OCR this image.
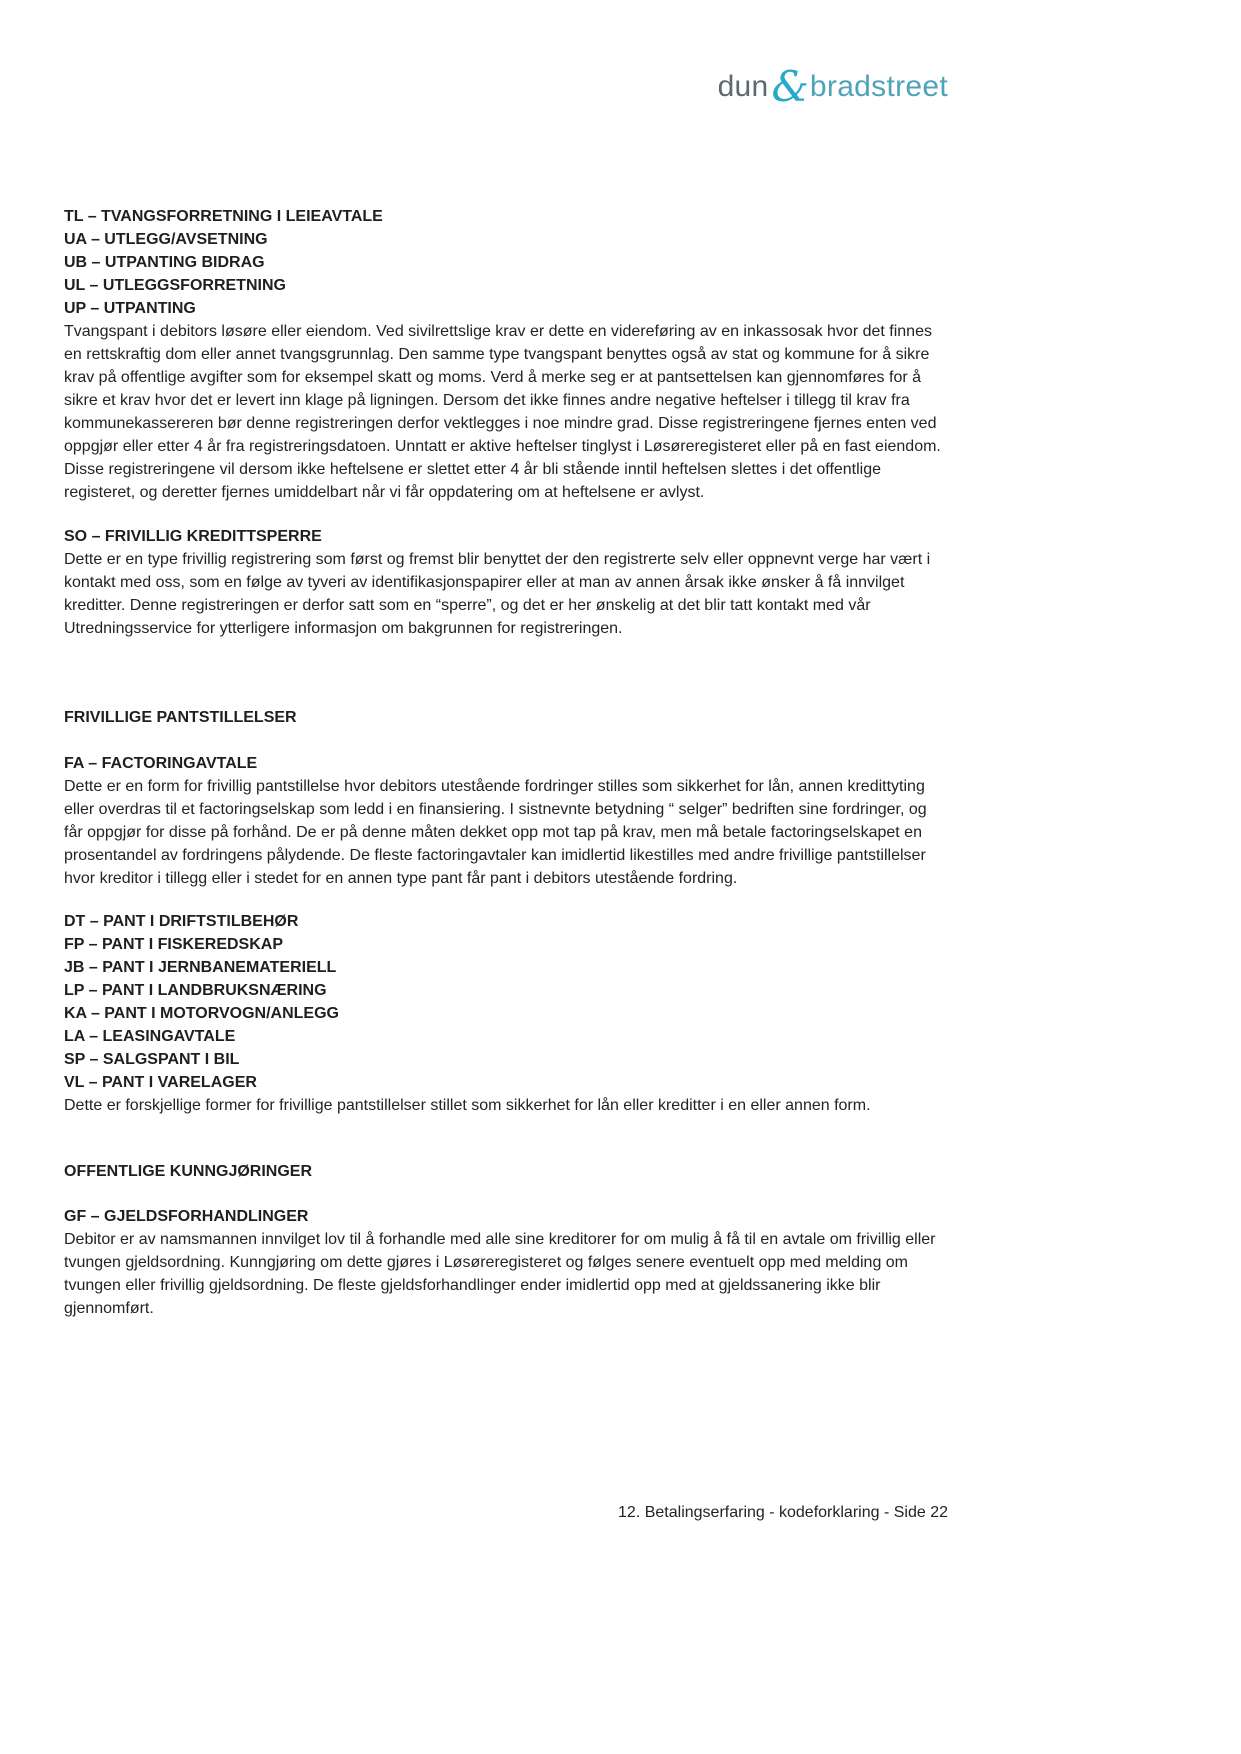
dun&bradstreet
TL – TVANGSFORRETNING I LEIEAVTALE
UA – UTLEGG/AVSETNING
UB – UTPANTING BIDRAG
UL – UTLEGGSFORRETNING
UP – UTPANTING

Tvangspant i debitors løsøre eller eiendom. Ved sivilrettslige krav er dette en videreføring av en inkassosak hvor det finnes en rettskraftig dom eller annet tvangsgrunnlag. Den samme type tvangspant benyttes også av stat og kommune for å sikre krav på offentlige avgifter som for eksempel skatt og moms. Verd å merke seg er at pantsettelsen kan gjennomføres for å sikre et krav hvor det er levert inn klage på ligningen. Dersom det ikke finnes andre negative heftelser i tillegg til krav fra kommunekassereren bør denne registreringen derfor vektlegges i noe mindre grad. Disse registreringene fjernes enten ved oppgjør eller etter 4 år fra registreringsdatoen. Unntatt er aktive heftelser tinglyst i Løsøreregisteret eller på en fast eiendom. Disse registreringene vil dersom ikke heftelsene er slettet etter 4 år bli stående inntil heftelsen slettes i det offentlige registeret, og deretter fjernes umiddelbart når vi får oppdatering om at heftelsene er avlyst.

SO – FRIVILLIG KREDITTSPERRE

Dette er en type frivillig registrering som først og fremst blir benyttet der den registrerte selv eller oppnevnt verge har vært i kontakt med oss, som en følge av tyveri av identifikasjonspapirer eller at man av annen årsak ikke ønsker å få innvilget kreditter. Denne registreringen er derfor satt som en “sperre”, og det er her ønskelig at det blir tatt kontakt med vår Utredningsservice for ytterligere informasjon om bakgrunnen for registreringen.

FRIVILLIGE PANTSTILLELSER
FA – FACTORINGAVTALE

Dette er en form for frivillig pantstillelse hvor debitors utestående fordringer stilles som sikkerhet for lån, annen kredittyting eller overdras til et factoringselskap som ledd i en finansiering. I sistnevnte betydning “ selger” bedriften sine fordringer, og får oppgjør for disse på forhånd. De er på denne måten dekket opp mot tap på krav, men må betale factoringselskapet en prosentandel av fordringens pålydende. De fleste factoringavtaler kan imidlertid likestilles med andre frivillige pantstillelser hvor kreditor i tillegg eller i stedet for en annen type pant får pant i debitors utestående fordring.

DT – PANT I DRIFTSTILBEHØR
FP – PANT I FISKEREDSKAP
JB – PANT I JERNBANEMATERIELL
LP – PANT I LANDBRUKSNÆRING
KA – PANT I MOTORVOGN/ANLEGG
LA – LEASINGAVTALE
SP – SALGSPANT I BIL
VL – PANT I VARELAGER

Dette er forskjellige former for frivillige pantstillelser stillet som sikkerhet for lån eller kreditter i en eller annen form.

OFFENTLIGE KUNNGJØRINGER
GF – GJELDSFORHANDLINGER

Debitor er av namsmannen innvilget lov til å forhandle med alle sine kreditorer for om mulig å få til en avtale om frivillig eller tvungen gjeldsordning. Kunngjøring om dette gjøres i Løsøreregisteret og følges senere eventuelt opp med melding om tvungen eller frivillig gjeldsordning. De fleste gjeldsforhandlinger ender imidlertid opp med at gjeldssanering ikke blir gjennomført.

12. Betalingserfaring - kodeforklaring - Side 22
